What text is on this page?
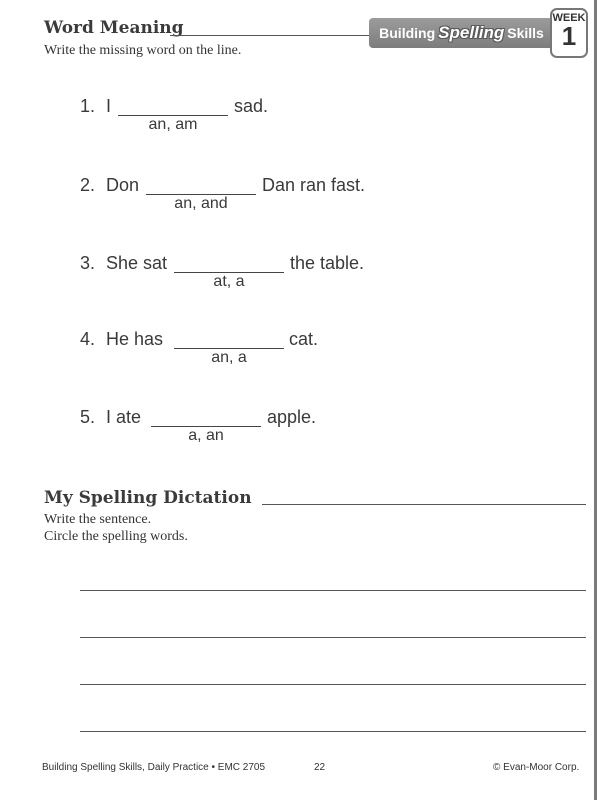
Word Meaning

Write the missing word on the line.

Building Spelling Skills
WEEK
1
1. I	sad.
an, am
2. Don	Dan ran fast.
an, and
3. She sat	the table.
at, a
4. He has	cat.
an, a
5. I ate	apple.
a, an
My Spelling Dictation

Write the sentence.

Circle the spelling words.

Building Spelling Skills, Daily Practice • EMC 2705	22	© Evan-Moor Corp.
